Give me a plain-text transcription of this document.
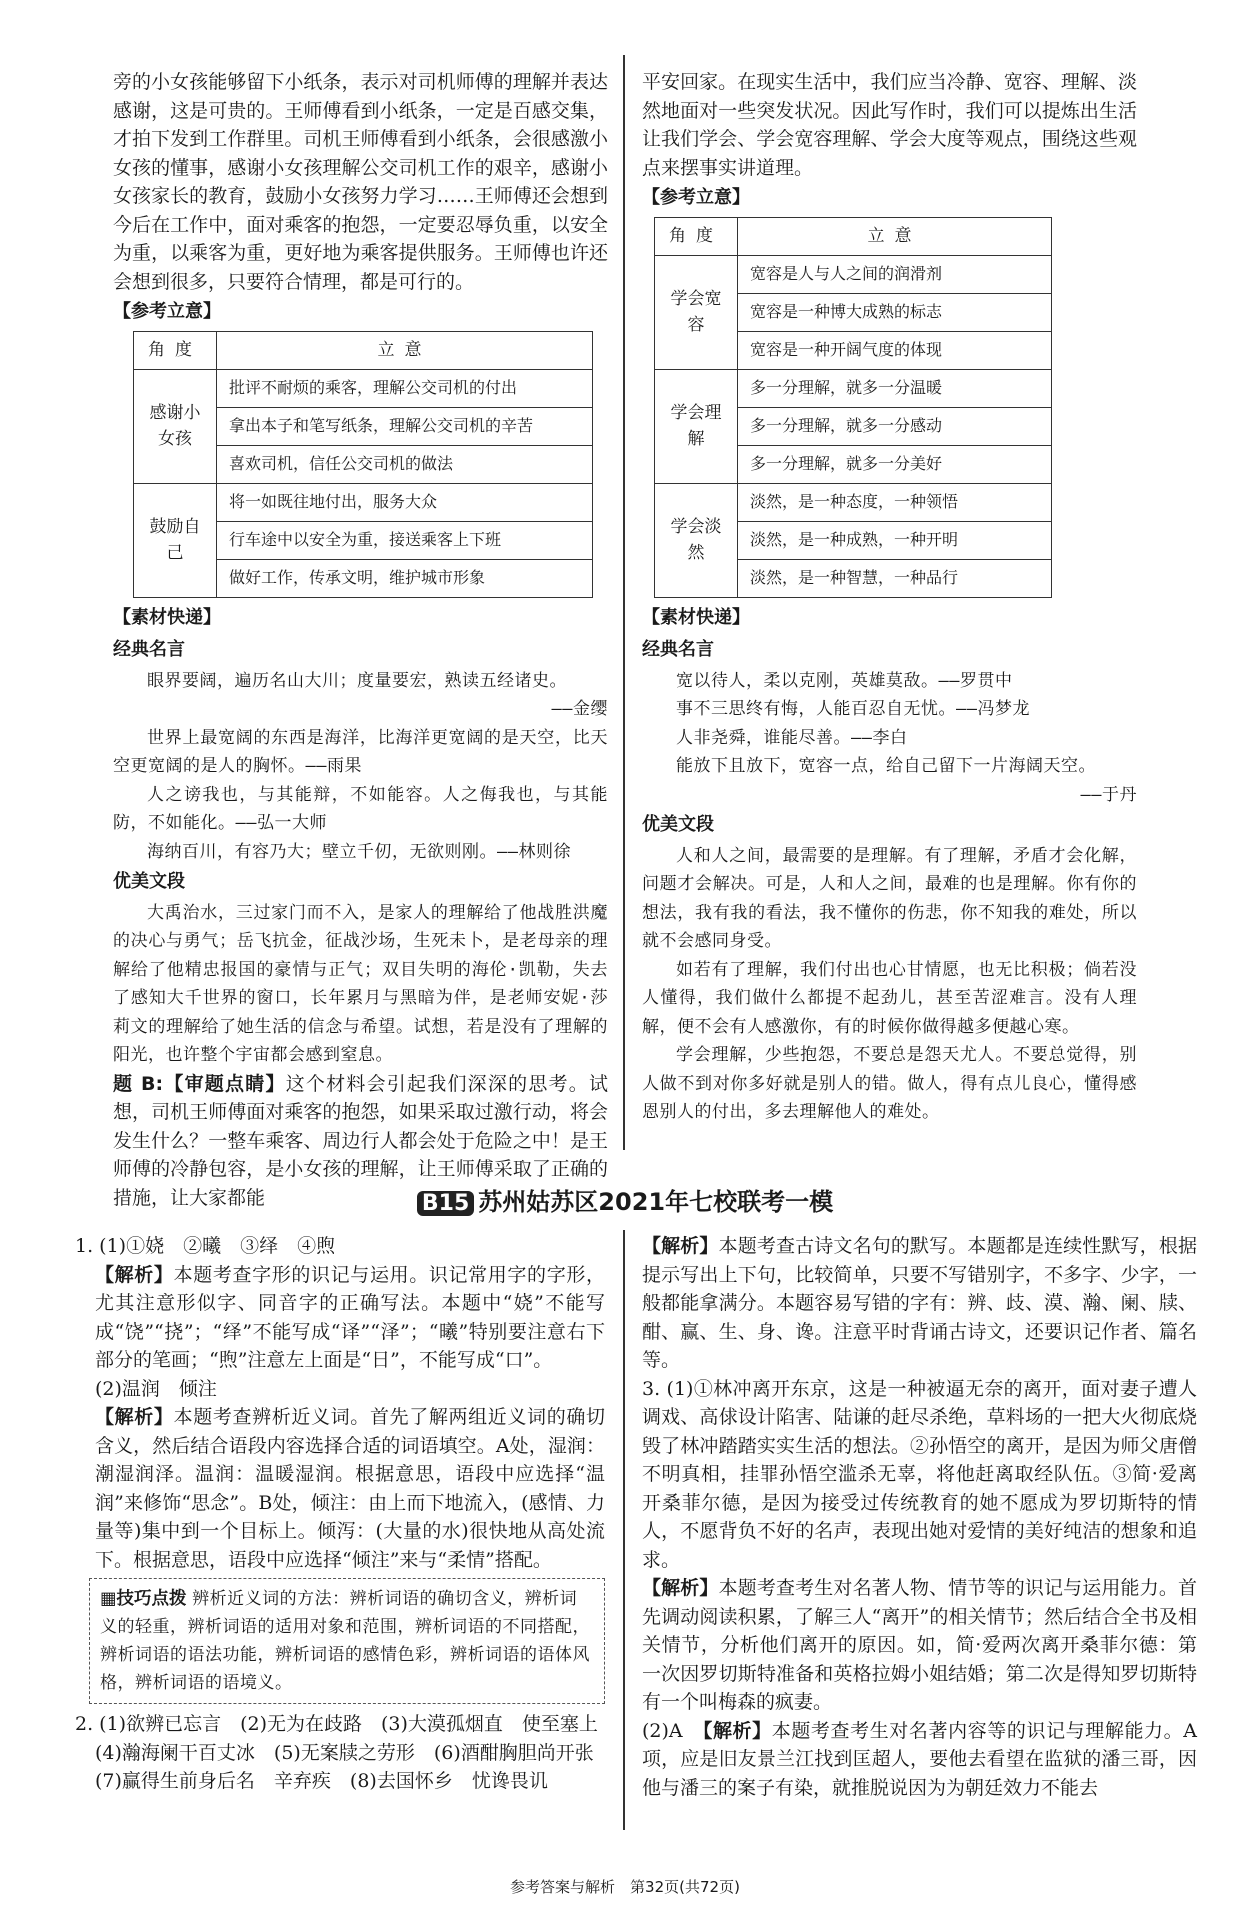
旁的小女孩能够留下小纸条，表示对司机师傅的理解并表达感谢，这是可贵的。王师傅看到小纸条，一定是百感交集，才拍下发到工作群里。司机王师傅看到小纸条，会很感激小女孩的懂事，感谢小女孩理解公交司机工作的艰辛，感谢小女孩家长的教育，鼓励小女孩努力学习……王师傅还会想到今后在工作中，面对乘客的抱怨，一定要忍辱负重，以安全为重，以乘客为重，更好地为乘客提供服务。王师傅也许还会想到很多，只要符合情理，都是可行的。

【参考立意】
角度	立意
感谢小女孩	批评不耐烦的乘客，理解公交司机的付出
	拿出本子和笔写纸条，理解公交司机的辛苦
	喜欢司机，信任公交司机的做法
鼓励自己	将一如既往地付出，服务大众
	行车途中以安全为重，接送乘客上下班
	做好工作，传承文明，维护城市形象
【素材快递】
经典名言

眼界要阔，遍历名山大川；度量要宏，熟读五经诸史。

——金缨

世界上最宽阔的东西是海洋，比海洋更宽阔的是天空，比天空更宽阔的是人的胸怀。——雨果

人之谤我也，与其能辩，不如能容。人之侮我也，与其能防，不如能化。——弘一大师

海纳百川，有容乃大；壁立千仞，无欲则刚。——林则徐

优美文段

大禹治水，三过家门而不入，是家人的理解给了他战胜洪魔的决心与勇气；岳飞抗金，征战沙场，生死未卜，是老母亲的理解给了他精忠报国的豪情与正气；双目失明的海伦·凯勒，失去了感知大千世界的窗口，长年累月与黑暗为伴，是老师安妮·莎莉文的理解给了她生活的信念与希望。试想，若是没有了理解的阳光，也许整个宇宙都会感到窒息。

题 B:【审题点睛】这个材料会引起我们深深的思考。试想，司机王师傅面对乘客的抱怨，如果采取过激行动，将会发生什么？一整车乘客、周边行人都会处于危险之中！是王师傅的冷静包容，是小女孩的理解，让王师傅采取了正确的措施，让大家都能

平安回家。在现实生活中，我们应当冷静、宽容、理解、淡然地面对一些突发状况。因此写作时，我们可以提炼出生活让我们学会、学会宽容理解、学会大度等观点，围绕这些观点来摆事实讲道理。

【参考立意】
角度	立意
学会宽容	宽容是人与人之间的润滑剂
	宽容是一种博大成熟的标志
	宽容是一种开阔气度的体现
学会理解	多一分理解，就多一分温暖
	多一分理解，就多一分感动
	多一分理解，就多一分美好
学会淡然	淡然，是一种态度，一种领悟
	淡然，是一种成熟，一种开明
	淡然，是一种智慧，一种品行
【素材快递】
经典名言

宽以待人，柔以克刚，英雄莫敌。——罗贯中

事不三思终有悔，人能百忍自无忧。——冯梦龙

人非尧舜，谁能尽善。——李白

能放下且放下，宽容一点，给自己留下一片海阔天空。

——于丹

优美文段

人和人之间，最需要的是理解。有了理解，矛盾才会化解，问题才会解决。可是，人和人之间，最难的也是理解。你有你的想法，我有我的看法，我不懂你的伤悲，你不知我的难处，所以就不会感同身受。

如若有了理解，我们付出也心甘情愿，也无比积极；倘若没人懂得，我们做什么都提不起劲儿，甚至苦涩难言。没有人理解，便不会有人感激你，有的时候你做得越多便越心寒。

学会理解，少些抱怨，不要总是怨天尤人。不要总觉得，别人做不到对你多好就是别人的错。做人，得有点儿良心，懂得感恩别人的付出，多去理解他人的难处。

B15 苏州姑苏区2021年七校联考一模

1. (1)①娆　②曦　③绎　④煦

【解析】本题考查字形的识记与运用。识记常用字的字形，尤其注意形似字、同音字的正确写法。本题中“娆”不能写成“饶”“挠”；“绎”不能写成“译”“泽”；“曦”特别要注意右下部分的笔画；“煦”注意左上面是“日”，不能写成“口”。

(2)温润　倾注

【解析】本题考查辨析近义词。首先了解两组近义词的确切含义，然后结合语段内容选择合适的词语填空。A处，湿润：潮湿润泽。温润：温暖湿润。根据意思，语段中应选择“温润”来修饰“思念”。B处，倾注：由上而下地流入，(感情、力量等)集中到一个目标上。倾泻：(大量的水)很快地从高处流下。根据意思，语段中应选择“倾注”来与“柔情”搭配。

▦技巧点拨 辨析近义词的方法：辨析词语的确切含义，辨析词义的轻重，辨析词语的适用对象和范围，辨析词语的不同搭配，辨析词语的语法功能，辨析词语的感情色彩，辨析词语的语体风格，辨析词语的语境义。

2. (1)欲辨已忘言　(2)无为在歧路　(3)大漠孤烟直　使至塞上

(4)瀚海阑干百丈冰　(5)无案牍之劳形　(6)酒酣胸胆尚开张

(7)赢得生前身后名　辛弃疾　(8)去国怀乡　忧谗畏讥

【解析】本题考查古诗文名句的默写。本题都是连续性默写，根据提示写出上下句，比较简单，只要不写错别字，不多字、少字，一般都能拿满分。本题容易写错的字有：辨、歧、漠、瀚、阑、牍、酣、赢、生、身、谗。注意平时背诵古诗文，还要识记作者、篇名等。

3. (1)①林冲离开东京，这是一种被逼无奈的离开，面对妻子遭人调戏、高俅设计陷害、陆谦的赶尽杀绝，草料场的一把大火彻底烧毁了林冲踏踏实实生活的想法。②孙悟空的离开，是因为师父唐僧不明真相，挂罪孙悟空滥杀无辜，将他赶离取经队伍。③简·爱离开桑菲尔德，是因为接受过传统教育的她不愿成为罗切斯特的情人，不愿背负不好的名声，表现出她对爱情的美好纯洁的想象和追求。

【解析】本题考查考生对名著人物、情节等的识记与运用能力。首先调动阅读积累，了解三人“离开”的相关情节；然后结合全书及相关情节，分析他们离开的原因。如，简·爱两次离开桑菲尔德：第一次因罗切斯特准备和英格拉姆小姐结婚；第二次是得知罗切斯特有一个叫梅森的疯妻。

(2)A　 【解析】本题考查考生对名著内容等的识记与理解能力。A项，应是旧友景兰江找到匡超人，要他去看望在监狱的潘三哥，因他与潘三的案子有染，就推脱说因为为朝廷效力不能去

参考答案与解析　第32页(共72页)
